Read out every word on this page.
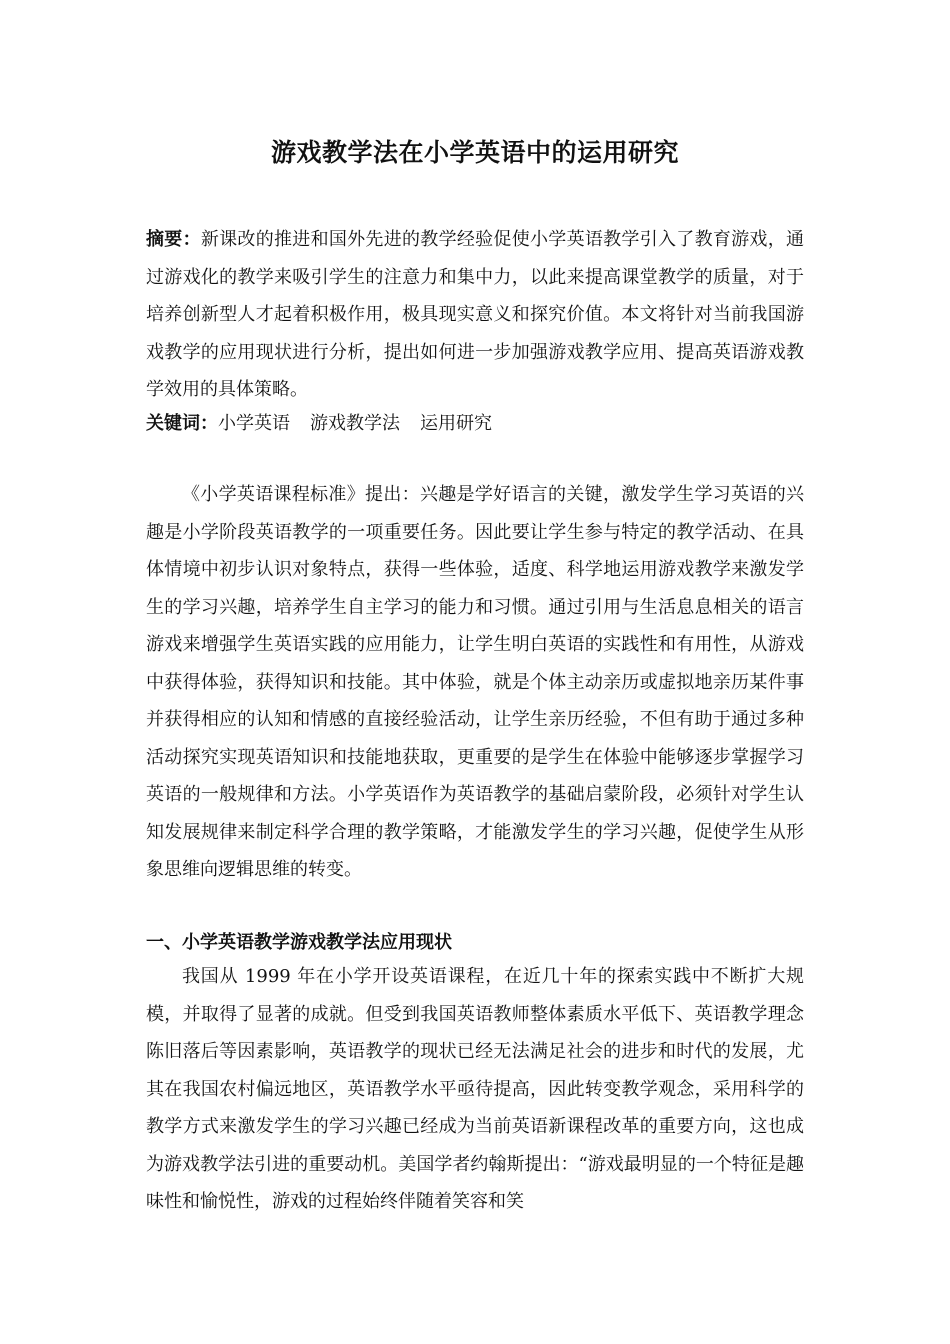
游戏教学法在小学英语中的运用研究
摘要：新课改的推进和国外先进的教学经验促使小学英语教学引入了教育游戏，通过游戏化的教学来吸引学生的注意力和集中力，以此来提高课堂教学的质量，对于培养创新型人才起着积极作用，极具现实意义和探究价值。本文将针对当前我国游戏教学的应用现状进行分析，提出如何进一步加强游戏教学应用、提高英语游戏教学效用的具体策略。
关键词：小学英语 游戏教学法 运用研究
《小学英语课程标准》提出：兴趣是学好语言的关键，激发学生学习英语的兴趣是小学阶段英语教学的一项重要任务。因此要让学生参与特定的教学活动、在具体情境中初步认识对象特点，获得一些体验，适度、科学地运用游戏教学来激发学生的学习兴趣，培养学生自主学习的能力和习惯。通过引用与生活息息相关的语言游戏来增强学生英语实践的应用能力，让学生明白英语的实践性和有用性，从游戏中获得体验，获得知识和技能。其中体验，就是个体主动亲历或虚拟地亲历某件事并获得相应的认知和情感的直接经验活动，让学生亲历经验，不但有助于通过多种活动探究实现英语知识和技能地获取，更重要的是学生在体验中能够逐步掌握学习英语的一般规律和方法。小学英语作为英语教学的基础启蒙阶段，必须针对学生认知发展规律来制定科学合理的教学策略，才能激发学生的学习兴趣，促使学生从形象思维向逻辑思维的转变。
一、小学英语教学游戏教学法应用现状
我国从 1999 年在小学开设英语课程，在近几十年的探索实践中不断扩大规模，并取得了显著的成就。但受到我国英语教师整体素质水平低下、英语教学理念陈旧落后等因素影响，英语教学的现状已经无法满足社会的进步和时代的发展，尤其在我国农村偏远地区，英语教学水平亟待提高，因此转变教学观念，采用科学的教学方式来激发学生的学习兴趣已经成为当前英语新课程改革的重要方向，这也成为游戏教学法引进的重要动机。美国学者约翰斯提出：“游戏最明显的一个特征是趣味性和愉悦性，游戏的过程始终伴随着笑容和笑
